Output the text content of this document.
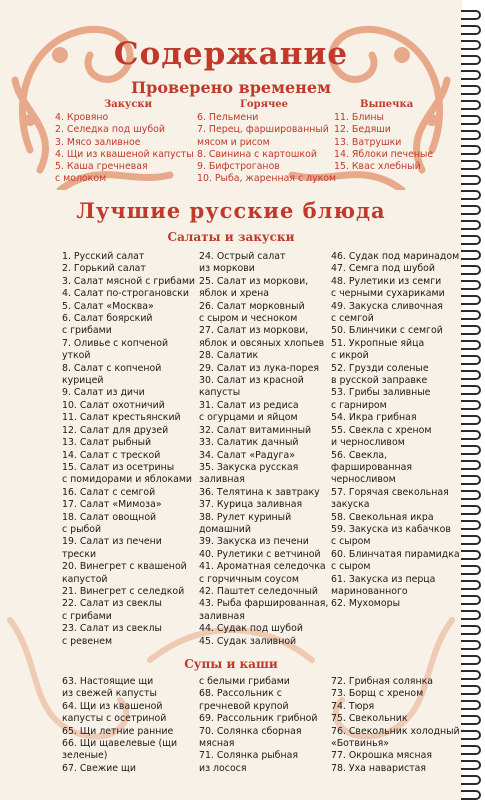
Содержание
Проверено временем
Закуски	Горячее	Выпечка
4. Кровяно
2. Селедка под шубой
3. Мясо заливное
4. Щи из квашеной капусты
5. Каша гречневая
с молоком
6. Пельмени
7. Перец, фаршированный
мясом и рисом
8. Свинина с картошкой
9. Бифстроганов
10. Рыба, жаренная с луком
11. Блины
12. Бедяши
13. Ватрушки
14. Яблоки печеные
15. Квас хлебный
Лучшие русские блюда
Салаты и закуски
1. Русский салат
2. Горький салат
3. Салат мясной с грибами
4. Салат по-строгановски
5. Салат «Москва»
6. Салат боярский
с грибами
7. Оливье с копченой
уткой
8. Салат с копченой
курицей
9. Салат из дичи
10. Салат охотничий
11. Салат крестьянский
12. Салат для друзей
13. Салат рыбный
14. Салат с треской
15. Салат из осетрины
с помидорами и яблоками
16. Салат с семгой
17. Салат «Мимоза»
18. Салат овощной
с рыбой
19. Салат из печени
трески
20. Винегрет с квашеной
капустой
21. Винегрет с селедкой
22. Салат из свеклы
с грибами
23. Салат из свеклы
с ревенем
24. Острый салат
из моркови
25. Салат из моркови,
яблок и хрена
26. Салат морковный
с сыром и чесноком
27. Салат из моркови,
яблок и овсяных хлопьев
28. Салатик
29. Салат из лука-порея
30. Салат из красной
капусты
31. Салат из редиса
с огурцами и яйцом
32. Салат витаминный
33. Салатик дачный
34. Салат «Радуга»
35. Закуска русская
заливная
36. Телятина к завтраку
37. Курица заливная
38. Рулет куриный
домашний
39. Закуска из печени
40. Рулетики с ветчиной
41. Ароматная селедочка
с горчичным соусом
42. Паштет селедочный
43. Рыба фаршированная,
заливная
44. Судак под шубой
45. Судак заливной
46. Судак под маринадом
47. Семга под шубой
48. Рулетики из семги
с черными сухариками
49. Закуска сливочная
с семгой
50. Блинчики с семгой
51. Укропные яйца
с икрой
52. Грузди соленые
в русской заправке
53. Грибы заливные
с гарниром
54. Икра грибная
55. Свекла с хреном
и черносливом
56. Свекла,
фаршированная
черносливом
57. Горячая свекольная
закуска
58. Свекольная икра
59. Закуска из кабачков
с сыром
60. Блинчатая пирамидка
с сыром
61. Закуска из перца
маринованного
62. Мухоморы
Супы и каши
63. Настоящие щи
из свежей капусты
64. Щи из квашеной
капусты с осетриной
65. Щи летние ранние
66. Щи щавелевые (щи
зеленые)
67. Свежие щи
с белыми грибами
68. Рассольник с
гречневой крупой
69. Рассольник грибной
70. Солянка сборная
мясная
71. Солянка рыбная
из лосося
72. Грибная солянка
73. Борщ с хреном
74. Тюря
75. Свекольник
76. Свекольник холодный
«Ботвинья»
77. Окрошка мясная
78. Уха наваристая
